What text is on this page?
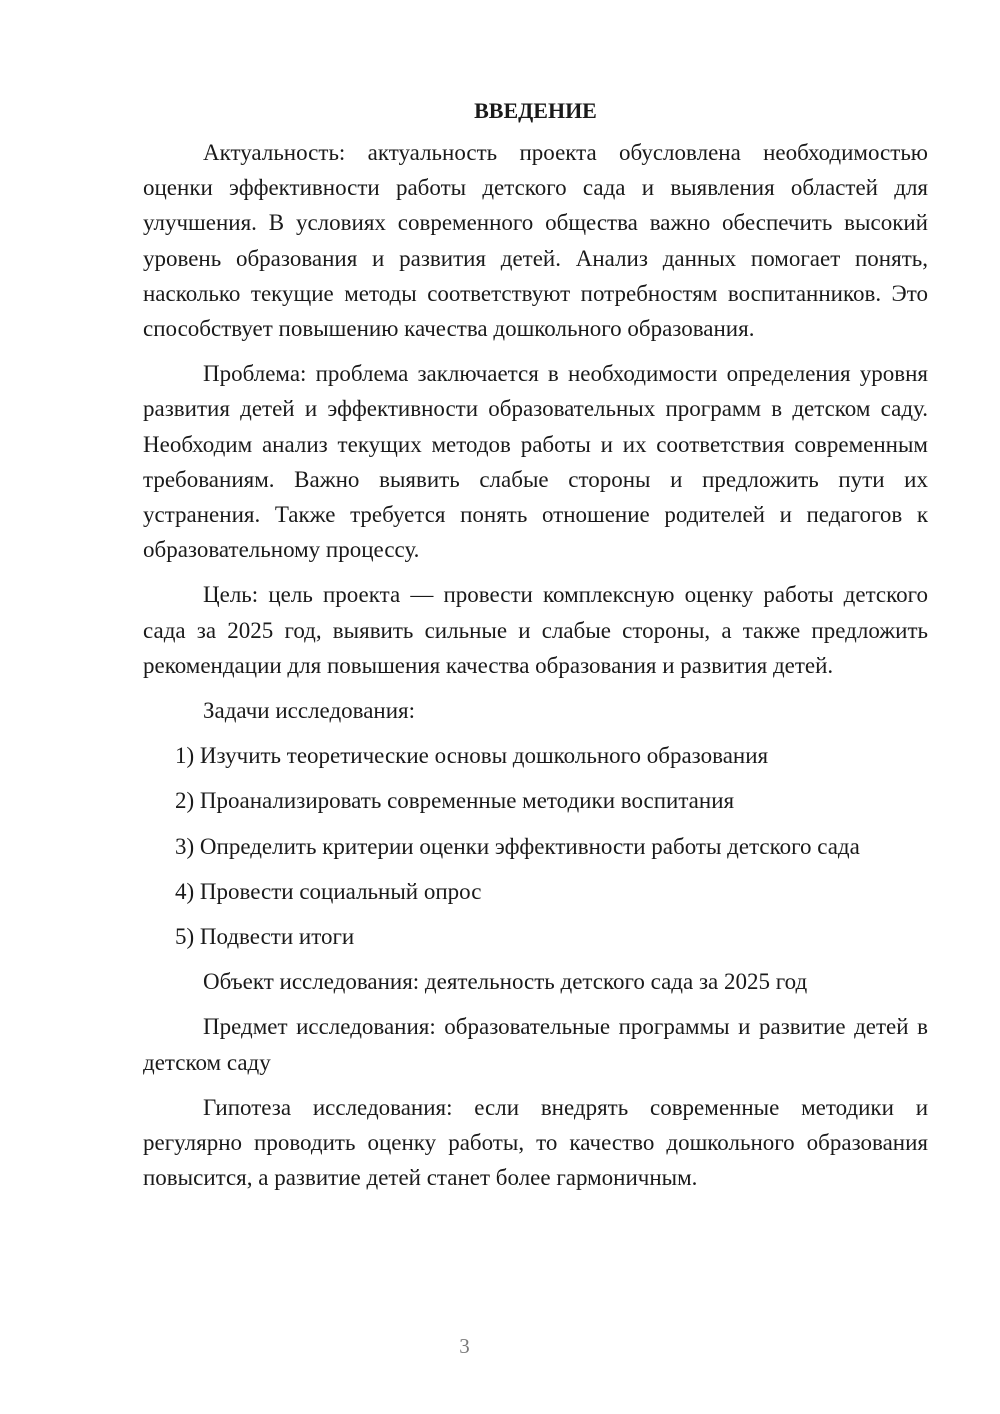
ВВЕДЕНИЕ

Актуальность: актуальность проекта обусловлена необходимостью оценки эффективности работы детского сада и выявления областей для улучшения. В условиях современного общества важно обеспечить высокий уровень образования и развития детей. Анализ данных помогает понять, насколько текущие методы соответствуют потребностям воспитанников. Это способствует повышению качества дошкольного образования.

Проблема: проблема заключается в необходимости определения уровня развития детей и эффективности образовательных программ в детском саду. Необходим анализ текущих методов работы и их соответствия современным требованиям. Важно выявить слабые стороны и предложить пути их устранения. Также требуется понять отношение родителей и педагогов к образовательному процессу.

Цель: цель проекта — провести комплексную оценку работы детского сада за 2025 год, выявить сильные и слабые стороны, а также предложить рекомендации для повышения качества образования и развития детей.

Задачи исследования:

1) Изучить теоретические основы дошкольного образования
2) Проанализировать современные методики воспитания
3) Определить критерии оценки эффективности работы детского сада
4) Провести социальный опрос
5) Подвести итоги

Объект исследования: деятельность детского сада за 2025 год

Предмет исследования: образовательные программы и развитие детей в детском саду

Гипотеза исследования: если внедрять современные методики и регулярно проводить оценку работы, то качество дошкольного образования повысится, а развитие детей станет более гармоничным.

3
